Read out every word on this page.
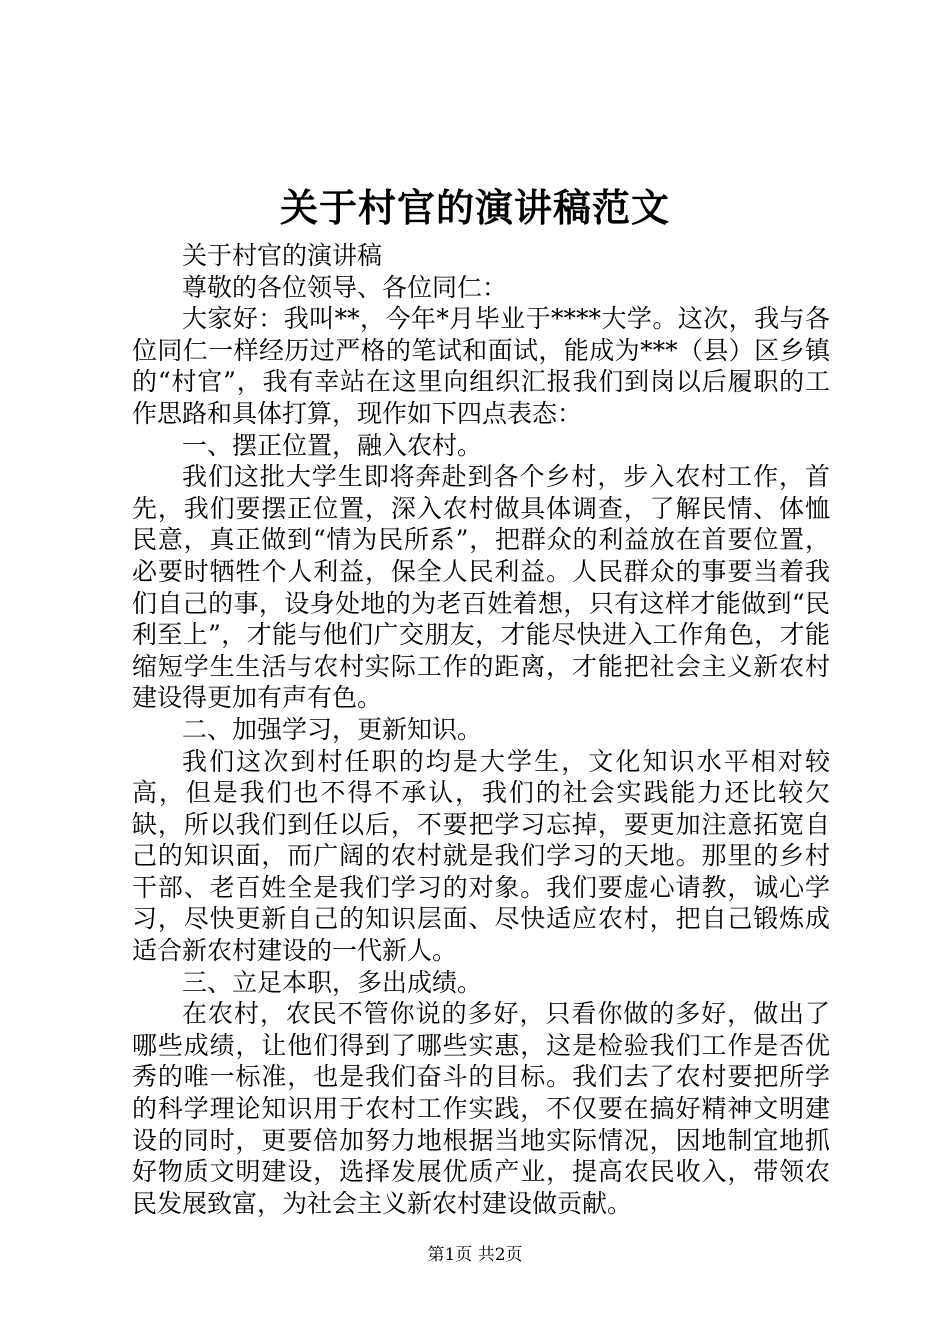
关于村官的演讲稿范文

关于村官的演讲稿

尊敬的各位领导、各位同仁：

大家好：我叫**，今年*月毕业于****大学。这次，我与各位同仁一样经历过严格的笔试和面试，能成为***（县）区乡镇的“村官”，我有幸站在这里向组织汇报我们到岗以后履职的工作思路和具体打算，现作如下四点表态：

一、摆正位置，融入农村。

我们这批大学生即将奔赴到各个乡村，步入农村工作，首先，我们要摆正位置，深入农村做具体调查，了解民情、体恤民意，真正做到“情为民所系”，把群众的利益放在首要位置，必要时牺牲个人利益，保全人民利益。人民群众的事要当着我们自己的事，设身处地的为老百姓着想，只有这样才能做到“民利至上”，才能与他们广交朋友，才能尽快进入工作角色，才能缩短学生生活与农村实际工作的距离，才能把社会主义新农村建设得更加有声有色。

二、加强学习，更新知识。

我们这次到村任职的均是大学生，文化知识水平相对较高，但是我们也不得不承认，我们的社会实践能力还比较欠缺，所以我们到任以后，不要把学习忘掉，要更加注意拓宽自己的知识面，而广阔的农村就是我们学习的天地。那里的乡村干部、老百姓全是我们学习的对象。我们要虚心请教，诚心学习，尽快更新自己的知识层面、尽快适应农村，把自己锻炼成适合新农村建设的一代新人。

三、立足本职，多出成绩。

在农村，农民不管你说的多好，只看你做的多好，做出了哪些成绩，让他们得到了哪些实惠，这是检验我们工作是否优秀的唯一标准，也是我们奋斗的目标。我们去了农村要把所学的科学理论知识用于农村工作实践，不仅要在搞好精神文明建设的同时，更要倍加努力地根据当地实际情况，因地制宜地抓好物质文明建设，选择发展优质产业，提高农民收入，带领农民发展致富，为社会主义新农村建设做贡献。

第1页 共2页
